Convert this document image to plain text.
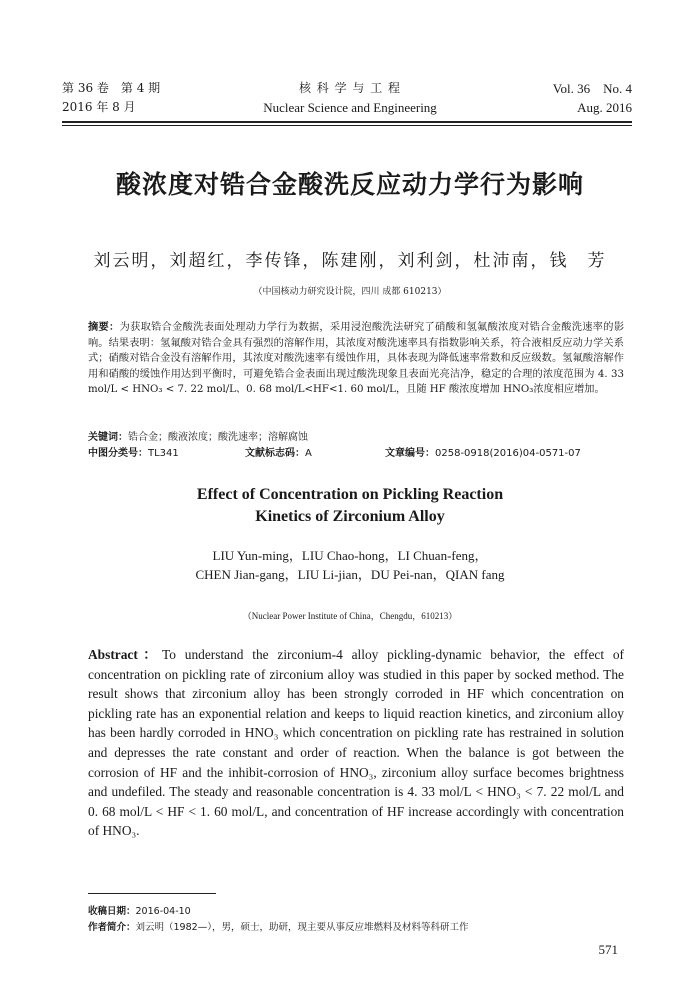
第 36 卷　第 4 期
2016 年 8 月
核 科 学 与 工 程
Nuclear Science and Engineering
Vol. 36　No. 4
Aug. 2016
酸浓度对锆合金酸洗反应动力学行为影响
刘云明，刘超红，李传锋，陈建刚，刘利剑，杜沛南，钱　芳
（中国核动力研究设计院，四川 成都 610213）
摘要：为获取锆合金酸洗表面处理动力学行为数据，采用浸泡酸洗法研究了硝酸和氢氟酸浓度对锆合金酸洗速率的影响。结果表明：氢氟酸对锆合金具有强烈的溶解作用，其浓度对酸洗速率具有指数影响关系，符合液相反应动力学关系式；硝酸对锆合金没有溶解作用，其浓度对酸洗速率有缓蚀作用，具体表现为降低速率常数和反应级数。氢氟酸溶解作用和硝酸的缓蚀作用达到平衡时，可避免锆合金表面出现过酸洗现象且表面光亮洁净，稳定的合理的浓度范围为 4. 33 mol/L < HNO₃ < 7. 22 mol/L、0. 68 mol/L<HF<1. 60 mol/L，且随 HF 酸浓度增加 HNO₃浓度相应增加。
关键词：锆合金；酸液浓度；酸洗速率；溶解腐蚀
中图分类号：TL341	文献标志码：A	文章编号：0258-0918(2016)04-0571-07
Effect of Concentration on Pickling Reaction
Kinetics of Zirconium Alloy
LIU Yun-ming，LIU Chao-hong，LI Chuan-feng，
CHEN Jian-gang，LIU Li-jian，DU Pei-nan，QIAN fang
（Nuclear Power Institute of China，Chengdu，610213）
Abstract：To understand the zirconium-4 alloy pickling-dynamic behavior, the effect of concentration on pickling rate of zirconium alloy was studied in this paper by socked method. The result shows that zirconium alloy has been strongly corroded in HF which concentration on pickling rate has an exponential relation and keeps to liquid reaction kinetics, and zirconium alloy has been hardly corroded in HNO₃ which concentration on pickling rate has restrained in solution and depresses the rate constant and order of reaction. When the balance is got between the corrosion of HF and the inhibit-corrosion of HNO₃, zirconium alloy surface becomes brightness and undefiled. The steady and reasonable concentration is 4. 33 mol/L < HNO₃ < 7. 22 mol/L and 0. 68 mol/L < HF < 1. 60 mol/L, and concentration of HF increase accordingly with concentration of HNO₃.
收稿日期：2016-04-10
作者简介：刘云明（1982—），男，硕士，助研，现主要从事反应堆燃料及材料等科研工作
571
